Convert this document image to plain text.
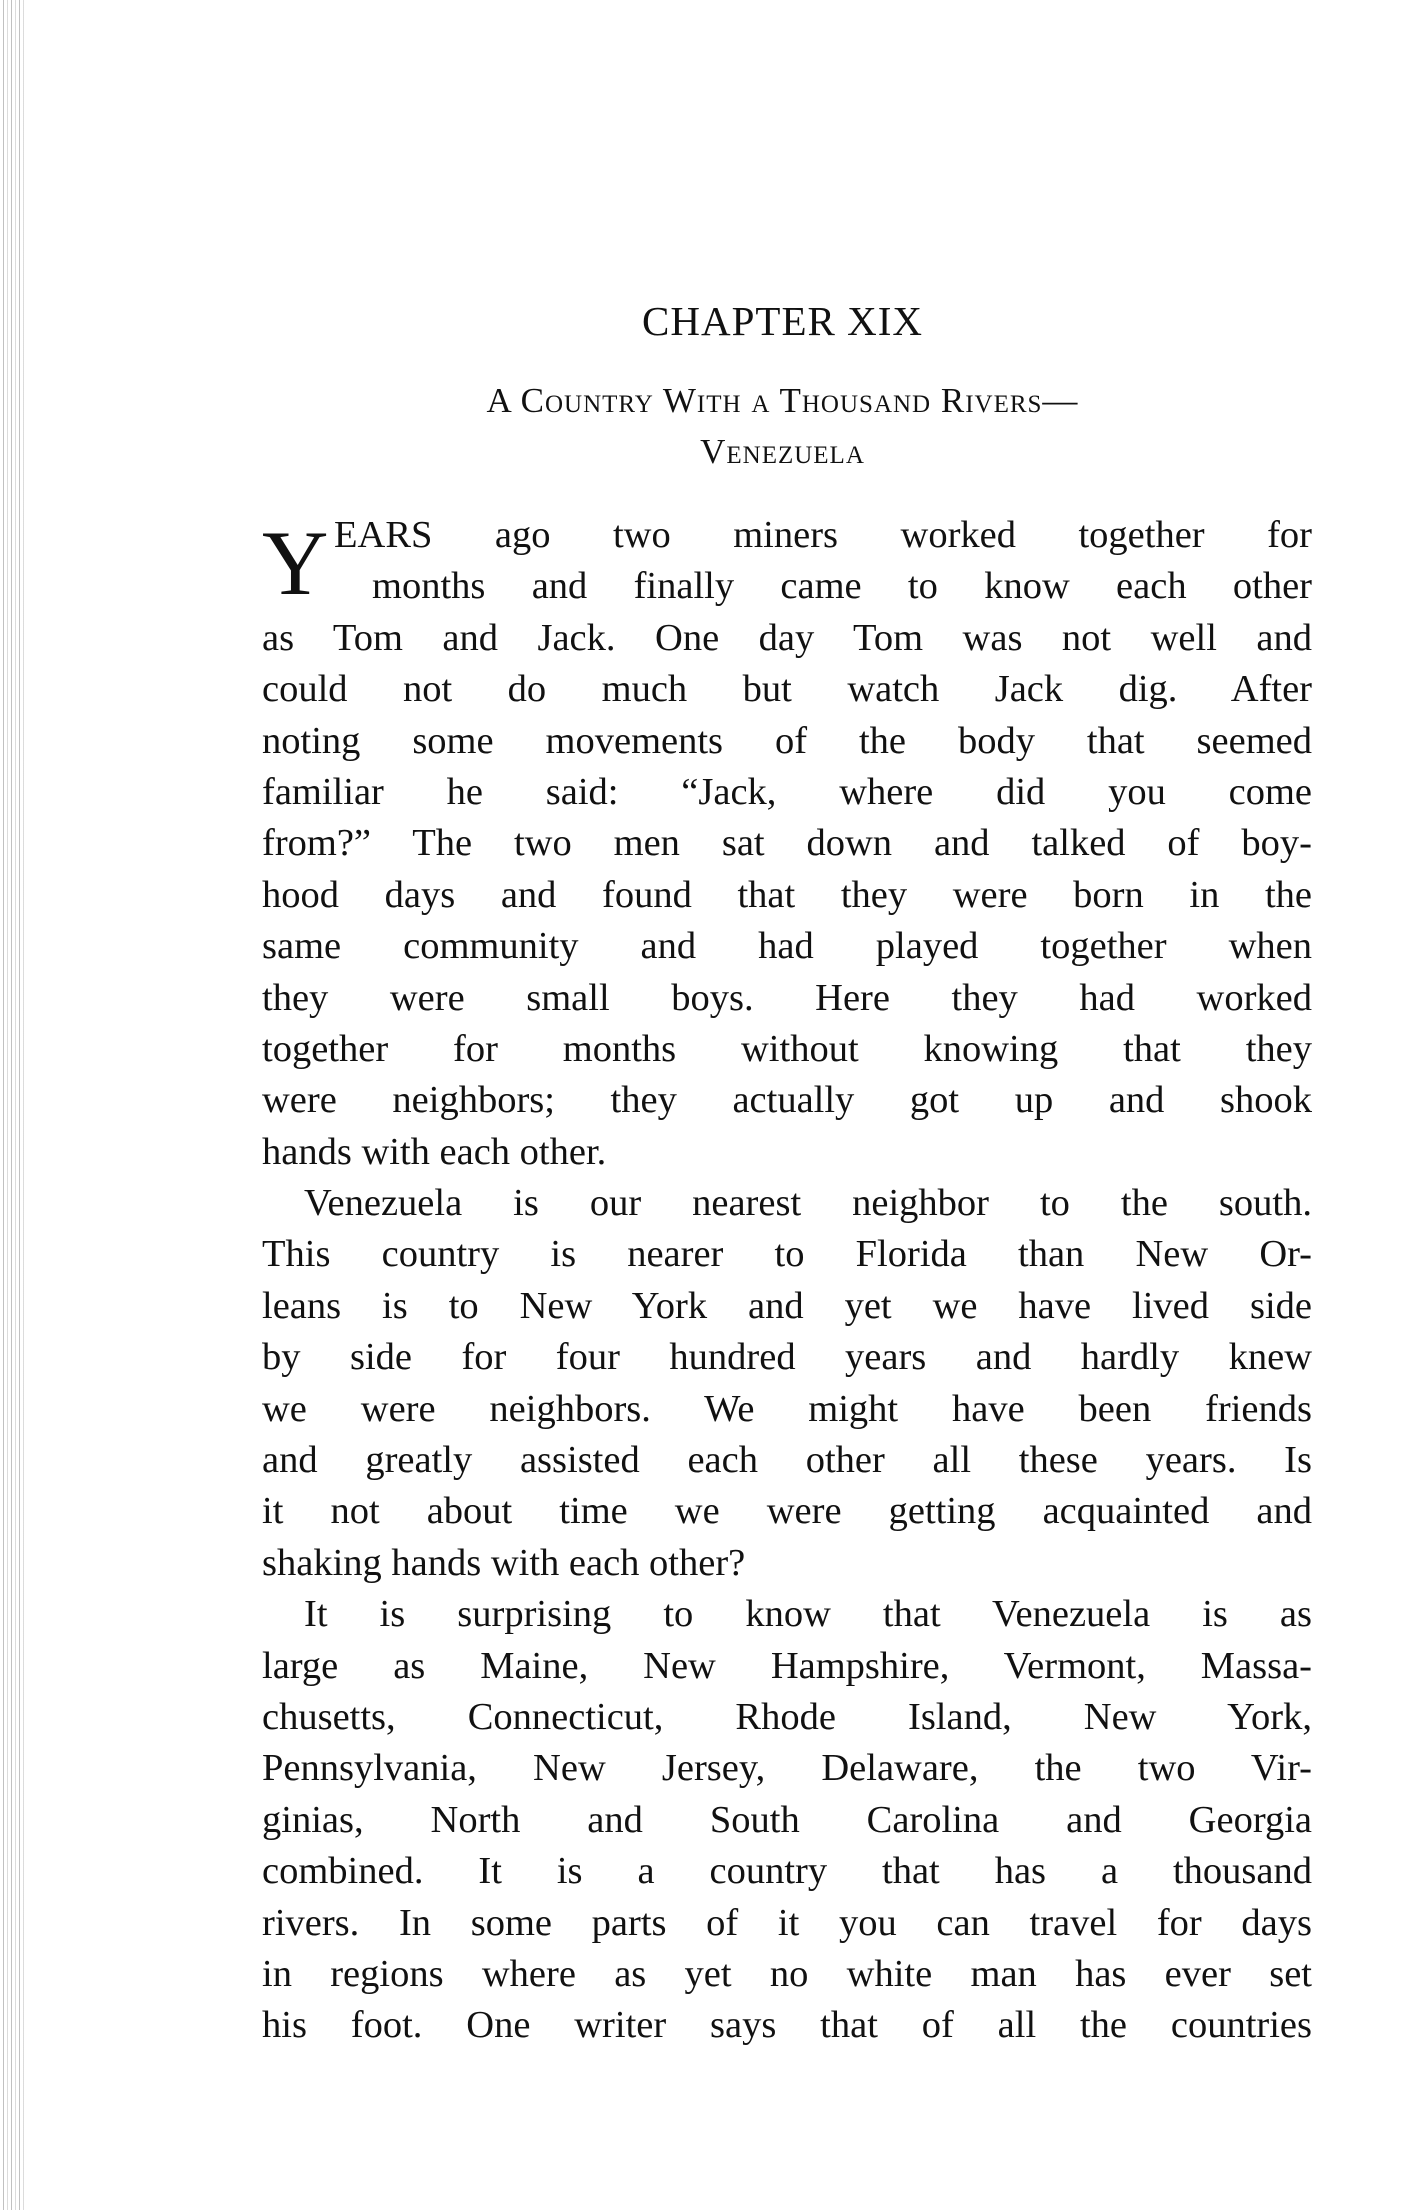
CHAPTER XIX
A Country With a Thousand Rivers—
Venezuela
Y EARS ago two miners worked together for
months and finally came to know each other
as Tom and Jack. One day Tom was not well and
could not do much but watch Jack dig. After
noting some movements of the body that seemed
familiar he said: “Jack, where did you come
from?” The two men sat down and talked of boy-
hood days and found that they were born in the
same community and had played together when
they were small boys. Here they had worked
together for months without knowing that they
were neighbors; they actually got up and shook
hands with each other.
Venezuela is our nearest neighbor to the south.
This country is nearer to Florida than New Or-
leans is to New York and yet we have lived side
by side for four hundred years and hardly knew
we were neighbors. We might have been friends
and greatly assisted each other all these years. Is
it not about time we were getting acquainted and
shaking hands with each other?
It is surprising to know that Venezuela is as
large as Maine, New Hampshire, Vermont, Massa-
chusetts, Connecticut, Rhode Island, New York,
Pennsylvania, New Jersey, Delaware, the two Vir-
ginias, North and South Carolina and Georgia
combined. It is a country that has a thousand
rivers. In some parts of it you can travel for days
in regions where as yet no white man has ever set
his foot. One writer says that of all the countries
